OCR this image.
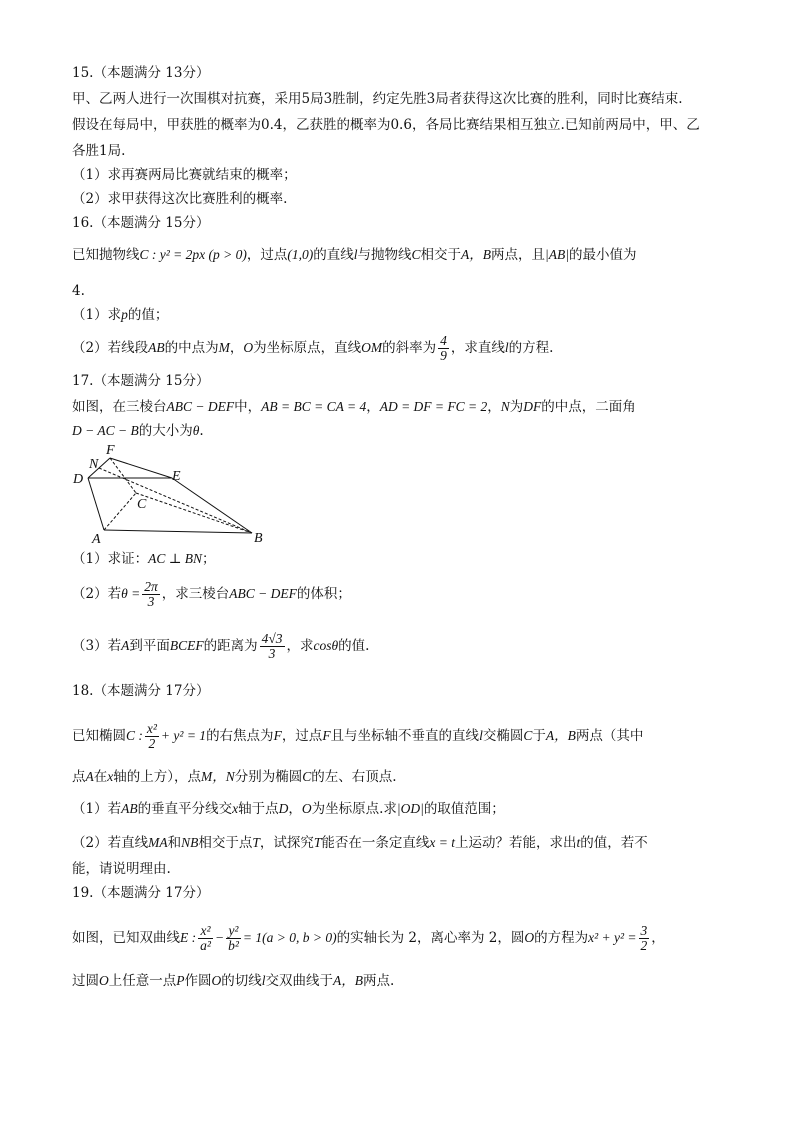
15.（本题满分 13分）
甲、乙两人进行一次围棋对抗赛，采用5局3胜制，约定先胜3局者获得这次比赛的胜利，同时比赛结束.
假设在每局中，甲获胜的概率为0.4，乙获胜的概率为0.6，各局比赛结果相互独立.已知前两局中，甲、乙
各胜1局.
（1）求再赛两局比赛就结束的概率；
（2）求甲获得这次比赛胜利的概率.
16.（本题满分 15分）
已知抛物线C : y² = 2px (p > 0)，过点(1,0)的直线l与抛物线C相交于A，B两点，且|AB|的最小值为
4.
（1）求p的值；
（2）若线段AB的中点为M，O为坐标原点，直线OM的斜率为 $\frac{4}{9}$ ，求直线l的方程.
17.（本题满分 15分）
如图，在三棱台ABC − DEF中，AB = BC = CA = 4，AD = DF = FC = 2，N为DF的中点，二面角
D − AC − B的大小为θ.
F
N
D	E
C
A	B
（1）求证：AC ⊥ BN；
（2）若$\theta = \frac{2\pi}{3}$ ，求三棱台ABC − DEF的体积；
（3）若A到平面BCEF的距离为 $\frac{4√3}{3}$ ，求cosθ的值.
18.（本题满分 17分）
已知椭圆C : $\frac{\text{x²}}{2} + y^2 = 1$的右焦点为F，过点F且与坐标轴不垂直的直线l交椭圆C于A，B两点（其中
点A在x轴的上方），点M，N分别为椭圆C的左、右顶点.
（1）若AB的垂直平分线交x轴于点D，O为坐标原点.求|OD|的取值范围；
（2）若直线MA和NB相交于点T，试探究T能否在一条定直线x = t上运动？若能，求出t的值，若不
能，请说明理由.
19.（本题满分 17分）
如图，已知双曲线E : $\frac{\text{x²}}{\text{a²}} - \frac{\text{y²}}{\text{b²}} = 1(a > 0$, b > 0)的实轴长为 2，离心率为 2，圆O的方程为$x^2 + y^2 = \frac{3}{2}$ ，
过圆O上任意一点P作圆O的切线l交双曲线于A，B两点.
